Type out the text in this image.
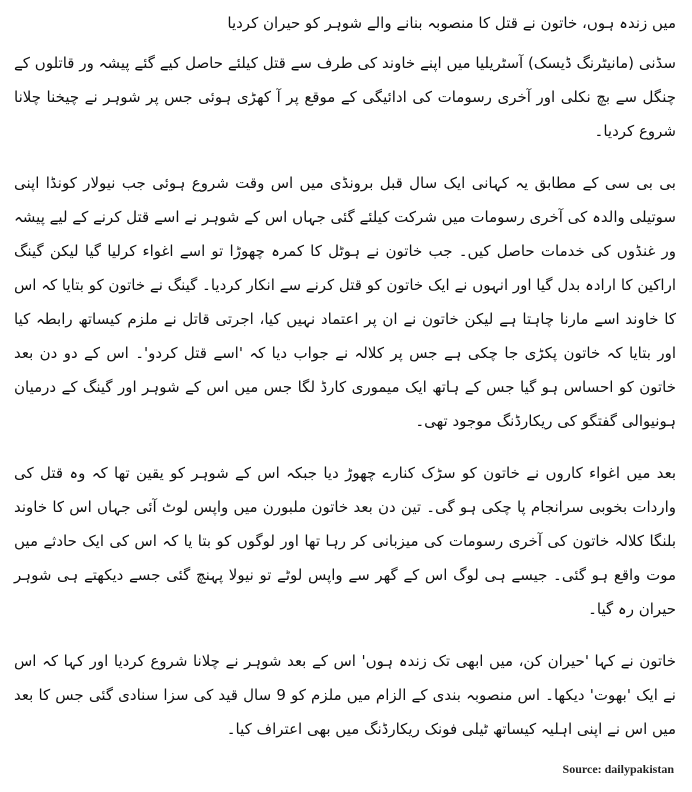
میں زندہ ہوں، خاتون نے قتل کا منصوبہ بنانے والے شوہر کو حیران کردیا

سڈنی (مانیٹرنگ ڈیسک) آسٹریلیا میں اپنے خاوند کی طرف سے قتل کیلئے حاصل کیے گئے پیشہ ور قاتلوں کے چنگل سے بچ نکلی اور آخری رسومات کی ادائیگی کے موقع پر آ کھڑی ہوئی جس پر شوہر نے چیخنا چلانا شروع کردیا۔

بی بی سی کے مطابق یہ کہانی ایک سال قبل برونڈی میں اس وقت شروع ہوئی جب نیولار کونڈا اپنی سوتیلی والدہ کی آخری رسومات میں شرکت کیلئے گئی جہاں اس کے شوہر نے اسے قتل کرنے کے لیے پیشہ ور غنڈوں کی خدمات حاصل کیں۔ جب خاتون نے ہوٹل کا کمرہ چھوڑا تو اسے اغواء کرلیا گیا لیکن گینگ اراکین کا ارادہ بدل گیا اور انہوں نے ایک خاتون کو قتل کرنے سے انکار کردیا۔ گینگ نے خاتون کو بتایا کہ اس کا خاوند اسے مارنا چاہتا ہے لیکن خاتون نے ان پر اعتماد نہیں کیا، اجرتی قاتل نے ملزم کیساتھ رابطہ کیا اور بتایا کہ خاتون پکڑی جا چکی ہے جس پر کلالہ نے جواب دیا کہ 'اسے قتل کردو'۔ اس کے دو دن بعد خاتون کو احساس ہو گیا جس کے ہاتھ ایک میموری کارڈ لگا جس میں اس کے شوہر اور گینگ کے درمیان ہونیوالی گفتگو کی ریکارڈنگ موجود تھی۔

بعد میں اغواء کاروں نے خاتون کو سڑک کنارے چھوڑ دیا جبکہ اس کے شوہر کو یقین تھا کہ وہ قتل کی واردات بخوبی سرانجام پا چکی ہو گی۔ تین دن بعد خاتون ملبورن میں واپس لوٹ آئی جہاں اس کا خاوند بلنگا کلالہ خاتون کی آخری رسومات کی میزبانی کر رہا تھا اور لوگوں کو بتا یا کہ اس کی ایک حادثے میں موت واقع ہو گئی۔ جیسے ہی لوگ اس کے گھر سے واپس لوٹے تو نیولا پہنچ گئی جسے دیکھتے ہی شوہر حیران رہ گیا۔

خاتون نے کہا 'حیران کن، میں ابھی تک زندہ ہوں' اس کے بعد شوہر نے چلانا شروع کردیا اور کہا کہ اس نے ایک 'بھوت' دیکھا۔ اس منصوبہ بندی کے الزام میں ملزم کو 9 سال قید کی سزا سنادی گئی جس کا بعد میں اس نے اپنی اہلیہ کیساتھ ٹیلی فونک ریکارڈنگ میں بھی اعتراف کیا۔

Source: dailypakistan
